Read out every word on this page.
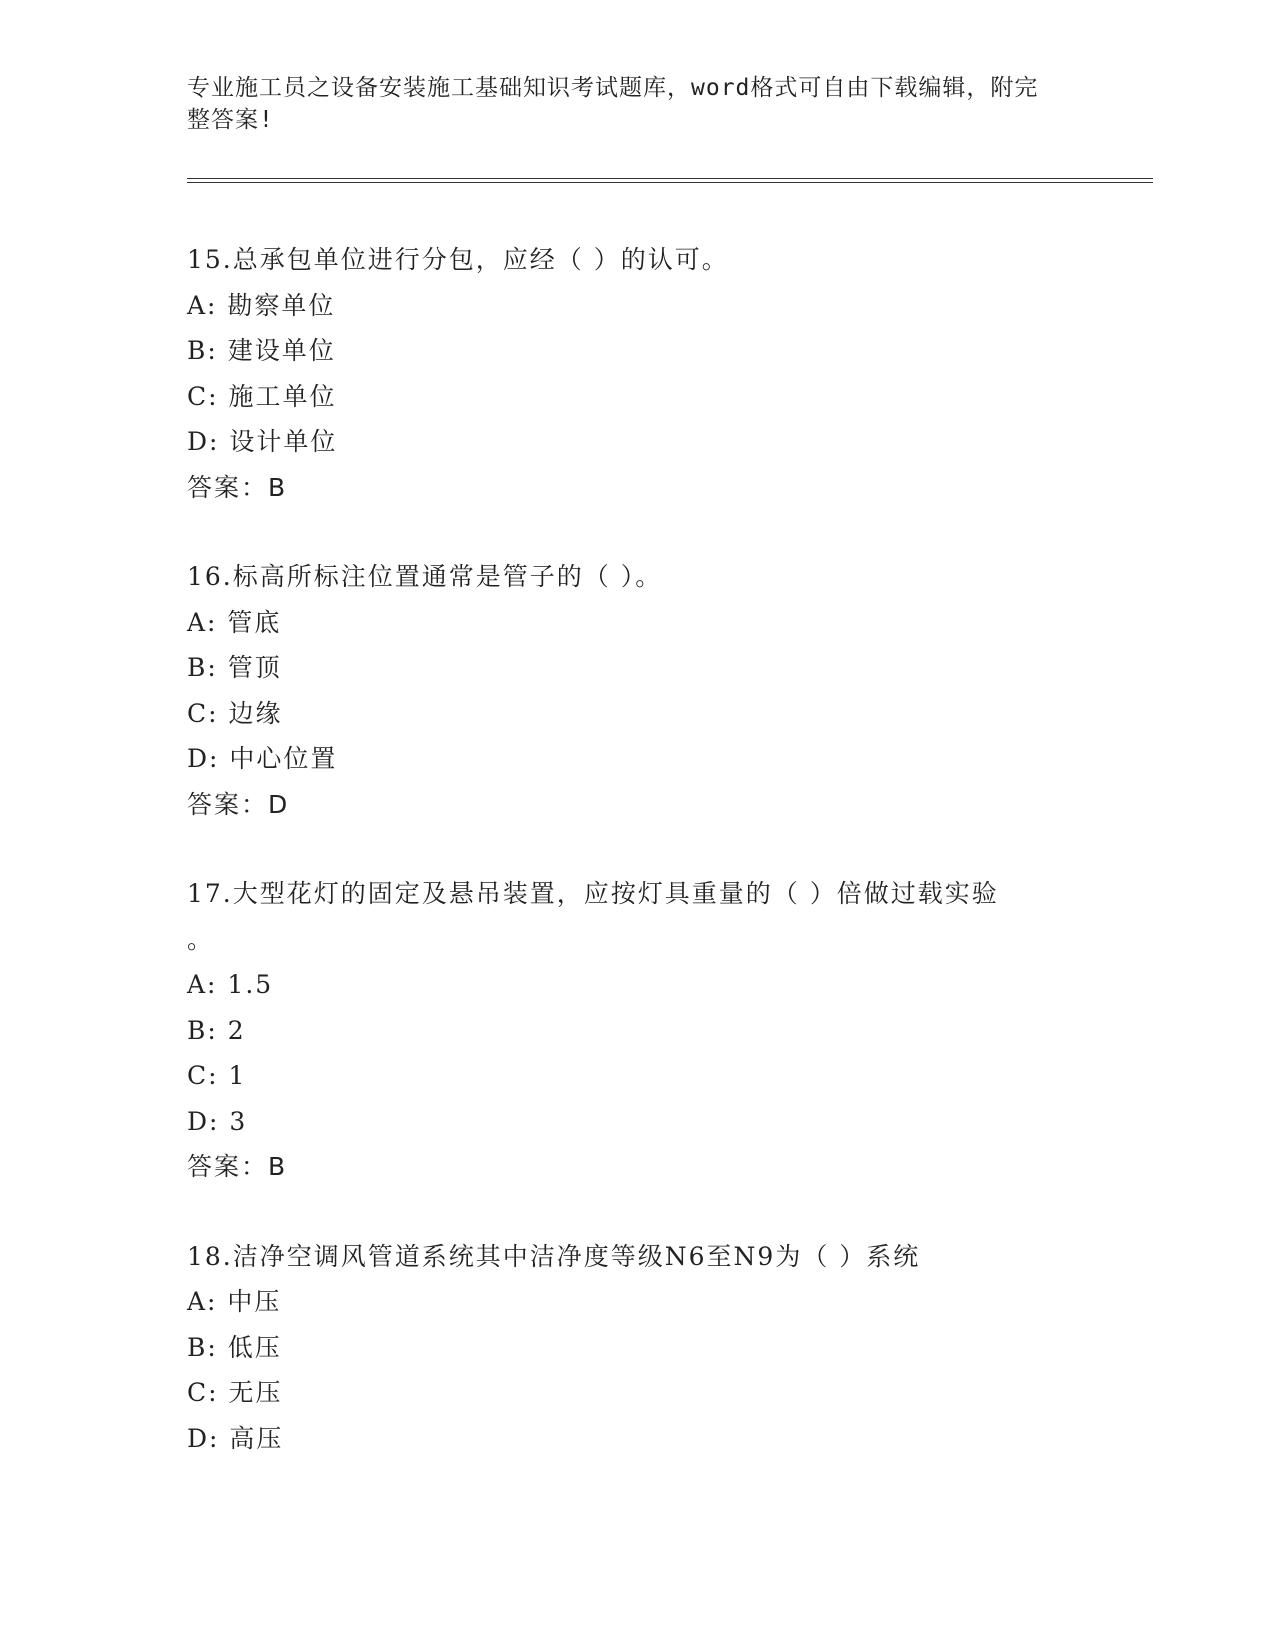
专业施工员之设备安装施工基础知识考试题库，word格式可自由下载编辑，附完
整答案!
15.总承包单位进行分包，应经（ ）的认可。
A: 勘察单位
B: 建设单位
C: 施工单位
D: 设计单位
答案：B
16.标高所标注位置通常是管子的（ ）。
A: 管底
B: 管顶
C: 边缘
D: 中心位置
答案：D
17.大型花灯的固定及悬吊装置，应按灯具重量的（ ）倍做过载实验
。
A: 1.5
B: 2
C: 1
D: 3
答案：B
18.洁净空调风管道系统其中洁净度等级N6至N9为（ ）系统
A: 中压
B: 低压
C: 无压
D: 高压
